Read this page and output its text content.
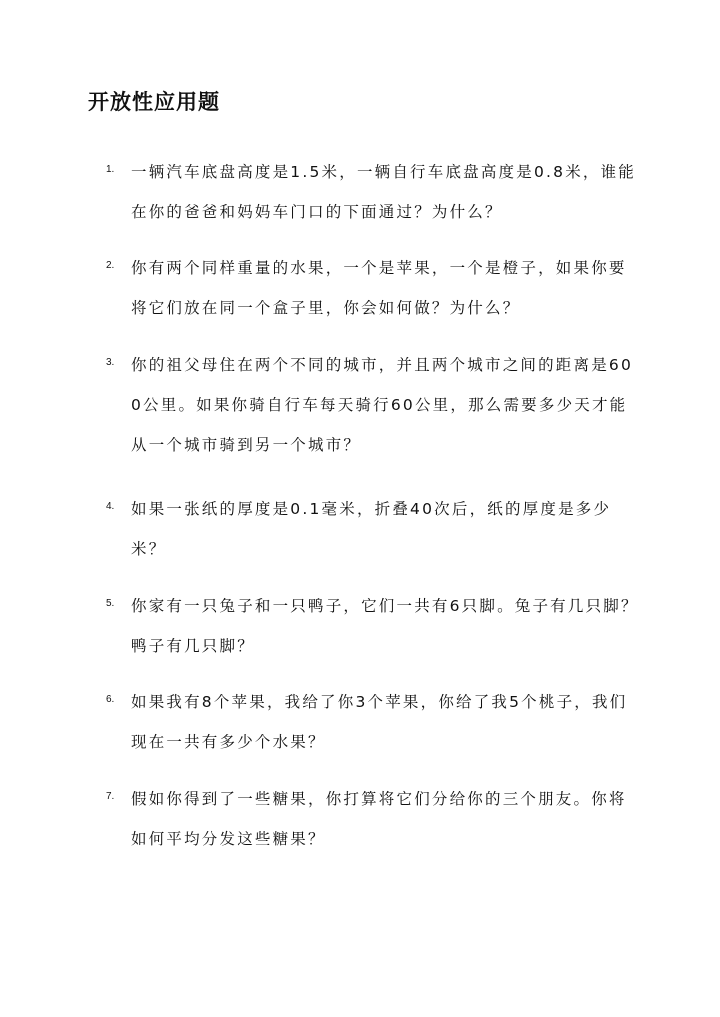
开放性应用题
1. 一辆汽车底盘高度是1.5米，一辆自行车底盘高度是0.8米，谁能在你的爸爸和妈妈车门口的下面通过？为什么？
2. 你有两个同样重量的水果，一个是苹果，一个是橙子，如果你要将它们放在同一个盒子里，你会如何做？为什么？
3. 你的祖父母住在两个不同的城市，并且两个城市之间的距离是600公里。如果你骑自行车每天骑行60公里，那么需要多少天才能从一个城市骑到另一个城市？
4. 如果一张纸的厚度是0.1毫米，折叠40次后，纸的厚度是多少米？
5. 你家有一只兔子和一只鸭子，它们一共有6只脚。兔子有几只脚？鸭子有几只脚？
6. 如果我有8个苹果，我给了你3个苹果，你给了我5个桃子，我们现在一共有多少个水果？
7. 假如你得到了一些糖果，你打算将它们分给你的三个朋友。你将如何平均分发这些糖果？
